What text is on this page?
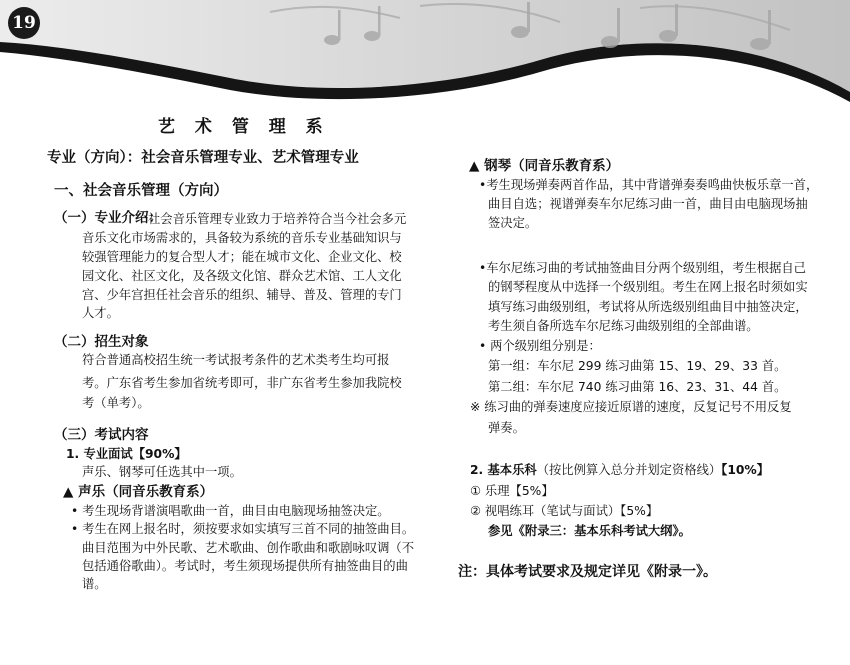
19
艺 术 管 理 系
专业（方向）：社会音乐管理专业、艺术管理专业
一、社会音乐管理（方向）
（一）专业介绍：
社会音乐管理专业致力于培养符合当今社会多元
音乐文化市场需求的，具备较为系统的音乐专业基础知识与
较强管理能力的复合型人才；能在城市文化、企业文化、校
园文化、社区文化，及各级文化馆、群众艺术馆、工人文化
宫、少年宫担任社会音乐的组织、辅导、普及、管理的专门
人才。
（二）招生对象
符合普通高校招生统一考试报考条件的艺术类考生均可报
考。广东省考生参加省统考即可，非广东省考生参加我院校
考（单考）。
（三）考试内容
1. 专业面试【90%】
声乐、钢琴可任选其中一项。
▲ 声乐（同音乐教育系）
• 考生现场背谱演唱歌曲一首，曲目由电脑现场抽签决定。
• 考生在网上报名时，须按要求如实填写三首不同的抽签曲目。
曲目范围为中外民歌、艺术歌曲、创作歌曲和歌剧咏叹调（不
包括通俗歌曲）。考试时，考生须现场提供所有抽签曲目的曲
谱。
▲ 钢琴（同音乐教育系）
•考生现场弹奏两首作品，其中背谱弹奏奏鸣曲快板乐章一首，
曲目自选；视谱弹奏车尔尼练习曲一首，曲目由电脑现场抽
签决定。
•车尔尼练习曲的考试抽签曲目分两个级别组，考生根据自己
的钢琴程度从中选择一个级别组。考生在网上报名时须如实
填写练习曲级别组，考试将从所选级别组曲目中抽签决定，
考生须自备所选车尔尼练习曲级别组的全部曲谱。
• 两个级别组分别是：
第一组：车尔尼 299 练习曲第 15、19、29、33 首。
第二组：车尔尼 740 练习曲第 16、23、31、44 首。
※ 练习曲的弹奏速度应接近原谱的速度，反复记号不用反复
弹奏。
2. 基本乐科（按比例算入总分并划定资格线）【10%】
① 乐理【5%】
② 视唱练耳（笔试与面试）【5%】
参见《附录三：基本乐科考试大纲》。
注：具体考试要求及规定详见《附录一》。
